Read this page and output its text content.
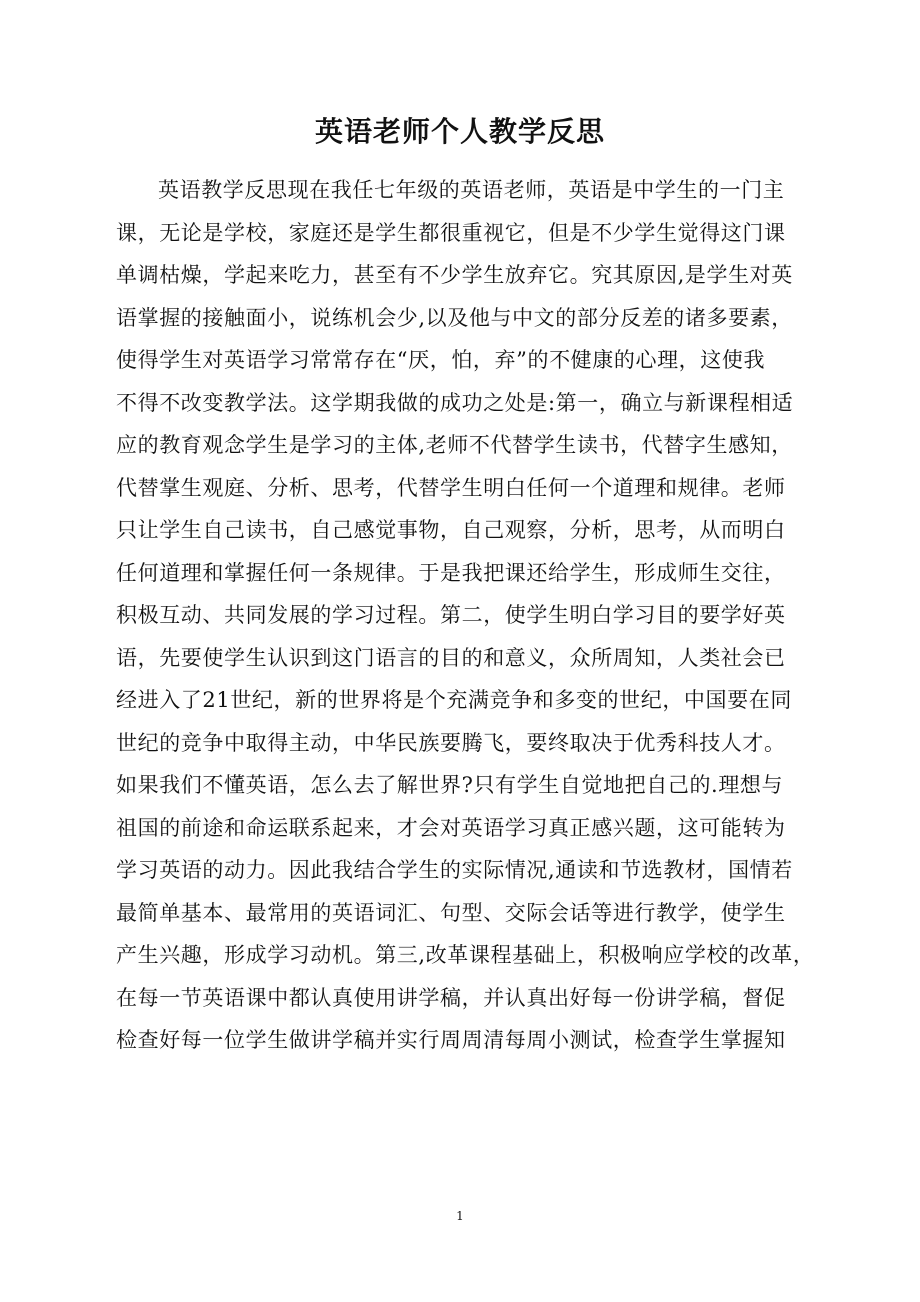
英语老师个人教学反思
英语教学反思现在我任七年级的英语老师，英语是中学生的一门主
课，无论是学校，家庭还是学生都很重视它，但是不少学生觉得这门课
单调枯燥，学起来吃力，甚至有不少学生放弃它。究其原因,是学生对英
语掌握的接触面小，说练机会少,以及他与中文的部分反差的诸多要素，
使得学生对英语学习常常存在“厌，怕，弃”的不健康的心理，这使我
不得不改变教学法。这学期我做的成功之处是:第一，确立与新课程相适
应的教育观念学生是学习的主体,老师不代替学生读书，代替字生感知，
代替掌生观庭、分析、思考，代替学生明白任何一个道理和规律。老师
只让学生自己读书，自己感觉事物，自己观察，分析，思考，从而明白
任何道理和掌握任何一条规律。于是我把课还给学生，形成师生交往，
积极互动、共同发展的学习过程。第二，使学生明白学习目的要学好英
语，先要使学生认识到这门语言的目的和意义，众所周知，人类社会已
经进入了21世纪，新的世界将是个充满竞争和多变的世纪，中国要在同
世纪的竞争中取得主动，中华民族要腾飞，要终取决于优秀科技人才。
如果我们不懂英语，怎么去了解世界?只有学生自觉地把自己的.理想与
祖国的前途和命运联系起来，才会对英语学习真正感兴题，这可能转为
学习英语的动力。因此我结合学生的实际情况,通读和节选教材，国情若
最简单基本、最常用的英语词汇、句型、交际会话等进行教学，使学生
产生兴趣，形成学习动机。第三,改革课程基础上，积极响应学校的改革，
在每一节英语课中都认真使用讲学稿，并认真出好每一份讲学稿，督促
检查好每一位学生做讲学稿并实行周周清每周小测试，检查学生掌握知
1
